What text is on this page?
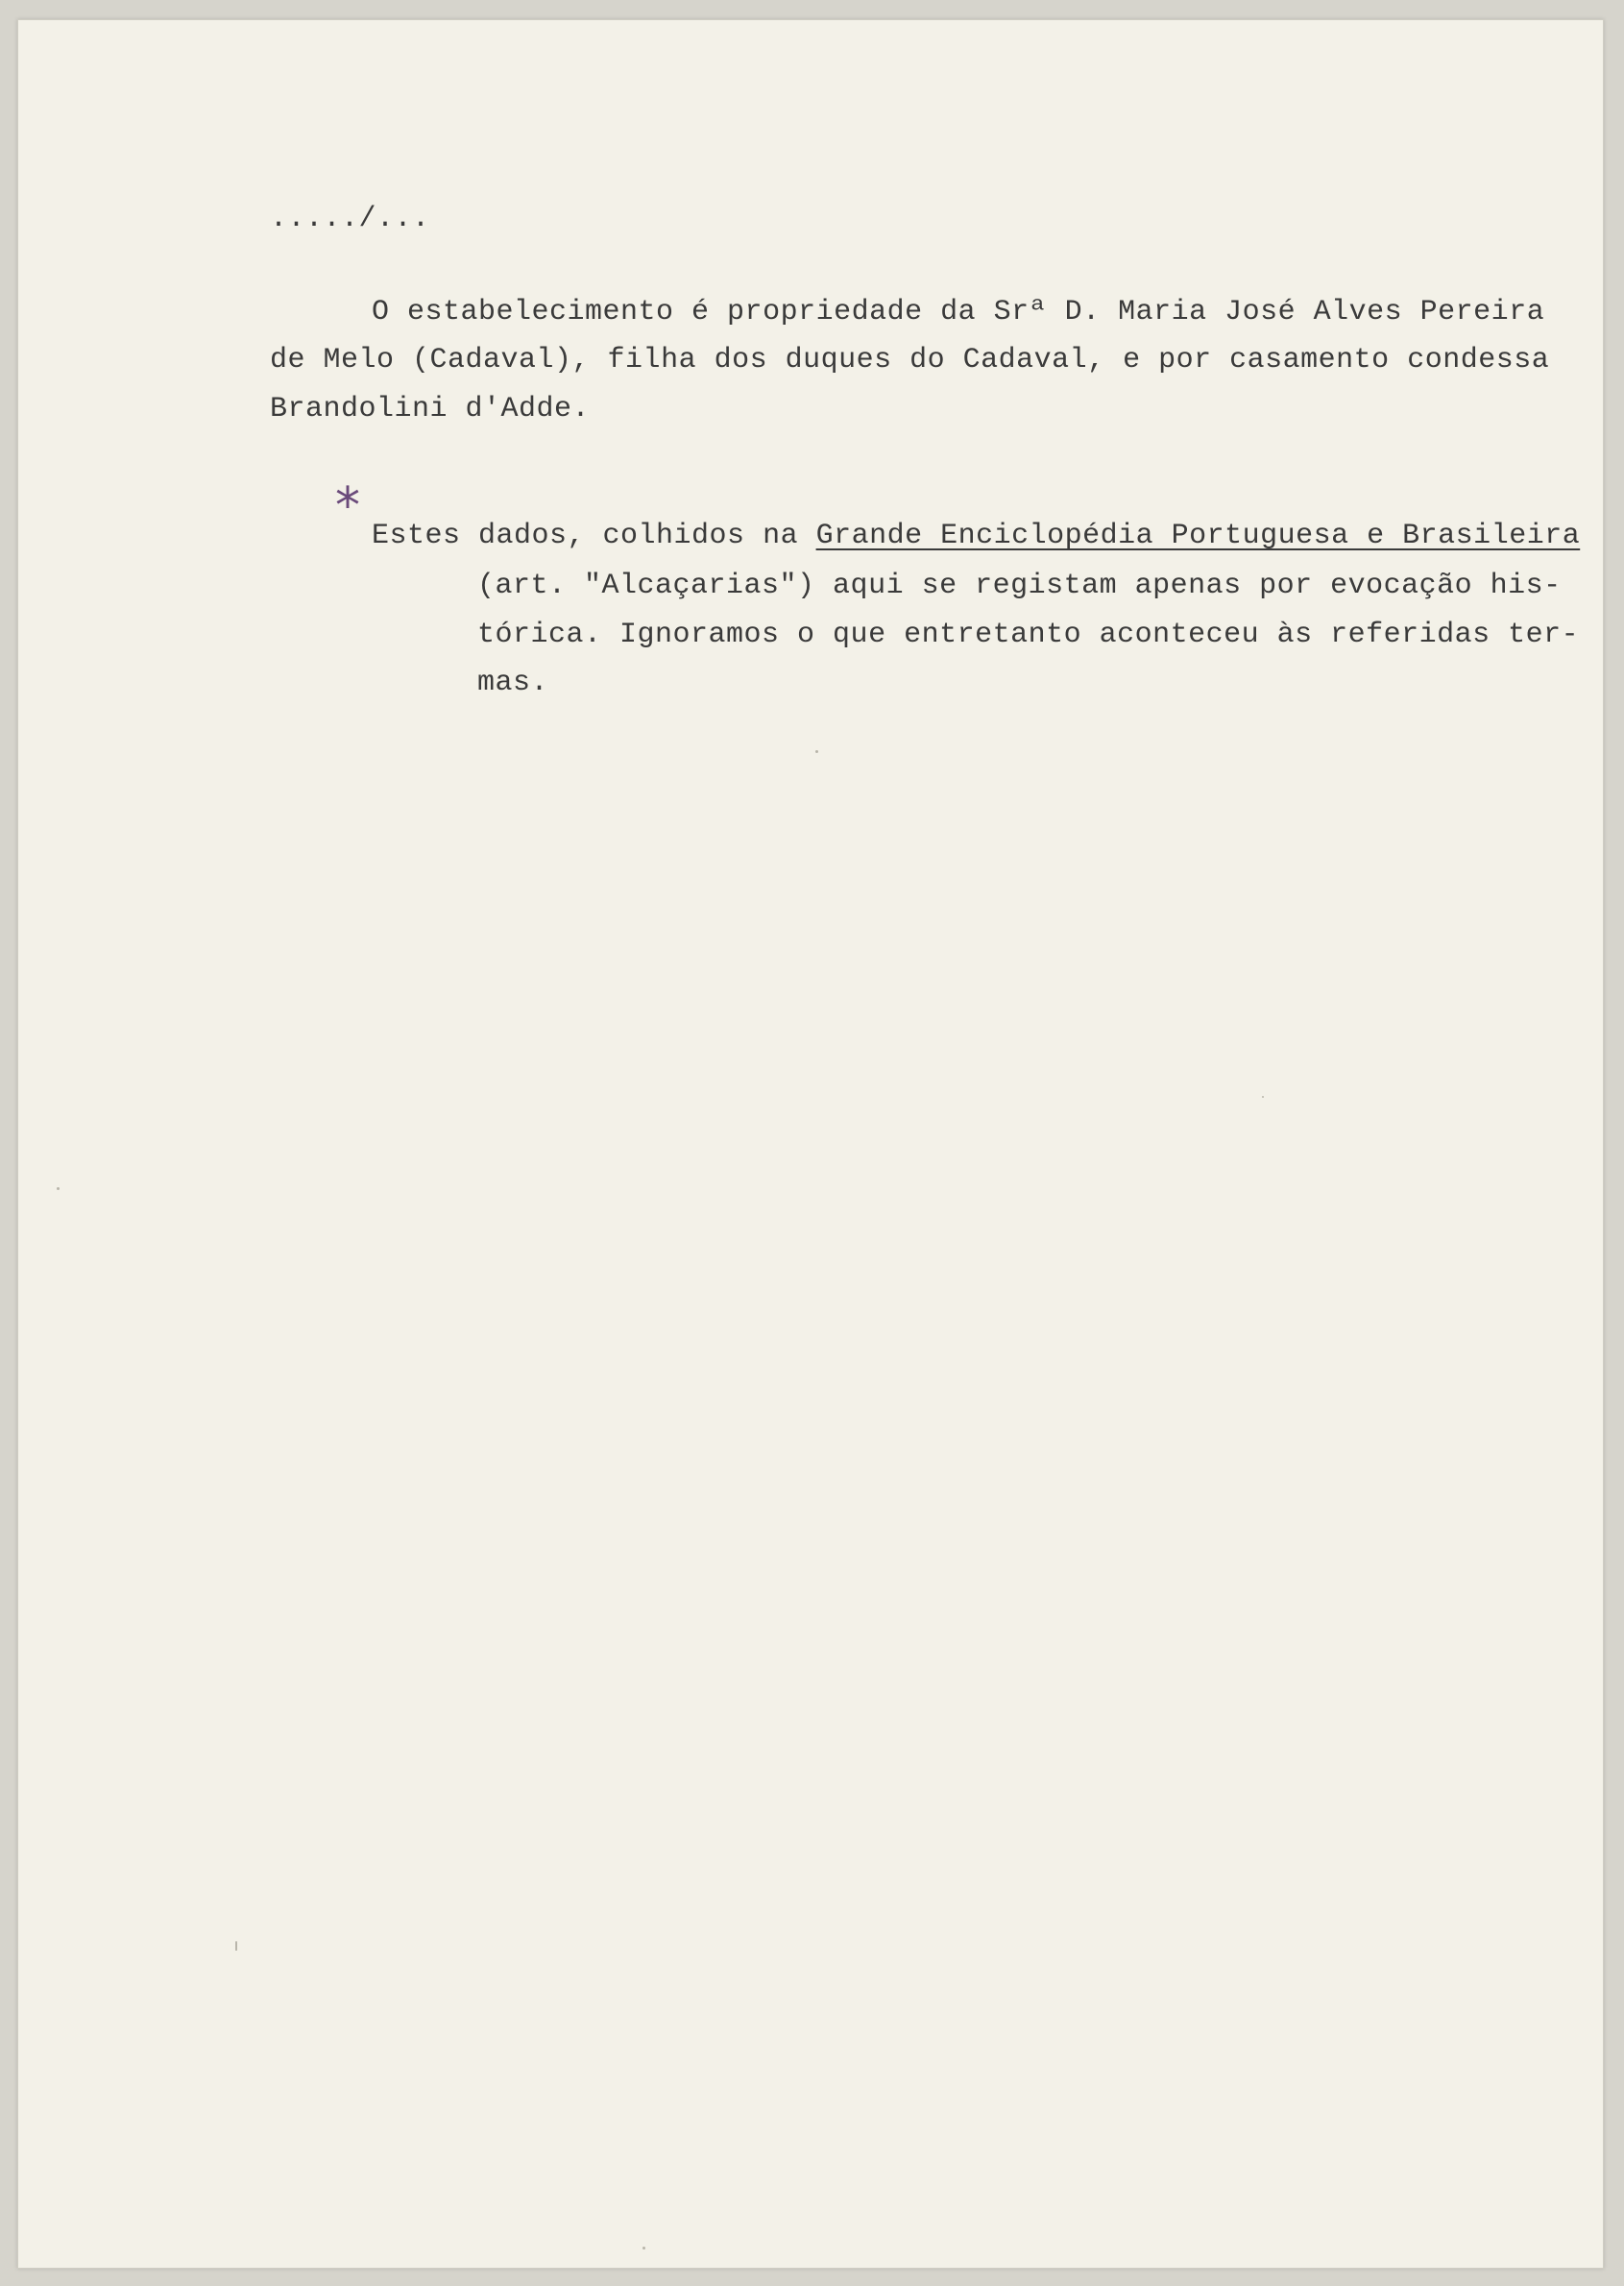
...../...
O estabelecimento é propriedade da Srª D. Maria José Alves Pereira
de Melo (Cadaval), filha dos duques do Cadaval, e por casamento condessa
Brandolini d'Adde.
*
Estes dados, colhidos na Grande Enciclopédia Portuguesa e Brasileira
(art. "Alcaçarias") aqui se registam apenas por evocação his-
tórica. Ignoramos o que entretanto aconteceu às referidas ter-
mas.
